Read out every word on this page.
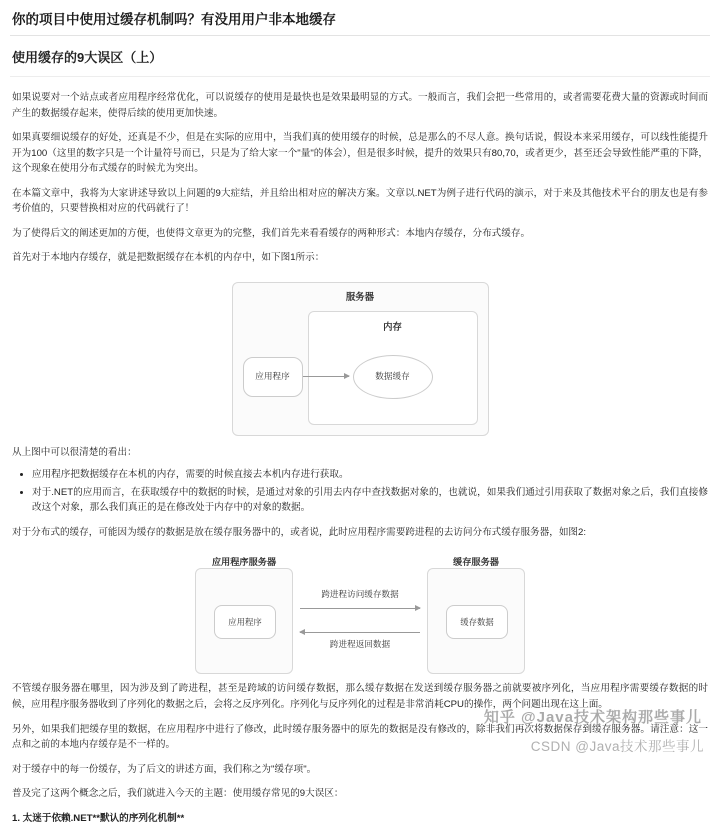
你的项目中使用过缓存机制吗？有没用用户非本地缓存
使用缓存的9大误区（上）

如果说要对一个站点或者应用程序经常优化，可以说缓存的使用是最快也是效果最明显的方式。一般而言，我们会把一些常用的，或者需要花费大量的资源或时间而产生的数据缓存起来，使得后续的使用更加快速。

如果真要细说缓存的好处，还真是不少，但是在实际的应用中，当我们真的使用缓存的时候，总是那么的不尽人意。换句话说，假设本来采用缓存，可以线性能提升开为100（这里的数字只是一个计量符号而已，只是为了给大家一个"量"的体会），但是很多时候，提升的效果只有80,70，或者更少，甚至还会导致性能严重的下降，这个现象在使用分布式缓存的时候尤为突出。

在本篇文章中，我将为大家讲述导致以上问题的9大症结，并且给出相对应的解决方案。文章以.NET为例子进行代码的演示，对于来及其他技术平台的朋友也是有参考价值的，只要替换相对应的代码就行了！

为了使得后文的阐述更加的方便，也使得文章更为的完整，我们首先来看看缓存的两种形式：本地内存缓存，分布式缓存。

首先对于本地内存缓存，就是把数据缓存在本机的内存中，如下图1所示：

服务器
内存
应用程序	数据缓存

从上图中可以很清楚的看出：

• 应用程序把数据缓存在本机的内存，需要的时候直接去本机内存进行获取。
• 对于.NET的应用而言，在获取缓存中的数据的时候，是通过对象的引用去内存中查找数据对象的，也就说，如果我们通过引用获取了数据对象之后，我们直接修改这个对象，那么我们真正的是在修改处于内存中的对象的数据。

对于分布式的缓存，可能因为缓存的数据是放在缓存服务器中的，或者说，此时应用程序需要跨进程的去访问分布式缓存服务器，如图2:

应用程序服务器
应用程序
缓存服务器
缓存数据
跨进程访问缓存数据
跨进程返回数据

不管缓存服务器在哪里，因为涉及到了跨进程，甚至是跨域的访问缓存数据，那么缓存数据在发送到缓存服务器之前就要被序列化，当应用程序需要缓存数据的时候，应用程序服务器收到了序列化的数据之后，会将之反序列化。序列化与反序列化的过程是非常消耗CPU的操作，两个问题出现在这上面。

另外，如果我们把缓存里的数据，在应用程序中进行了修改，此时缓存服务器中的原先的数据是没有修改的，除非我们再次将数据保存到缓存服务器。请注意：这一点和之前的本地内存缓存是不一样的。

对于缓存中的每一份缓存，为了后文的讲述方面，我们称之为"缓存项"。

普及完了这两个概念之后，我们就进入今天的主题：使用缓存常见的9大误区：

1. 太迷于依赖.NET**默认的序列化机制**

知乎 @Java技术架构那些事儿
CSDN @Java技术那些事儿
